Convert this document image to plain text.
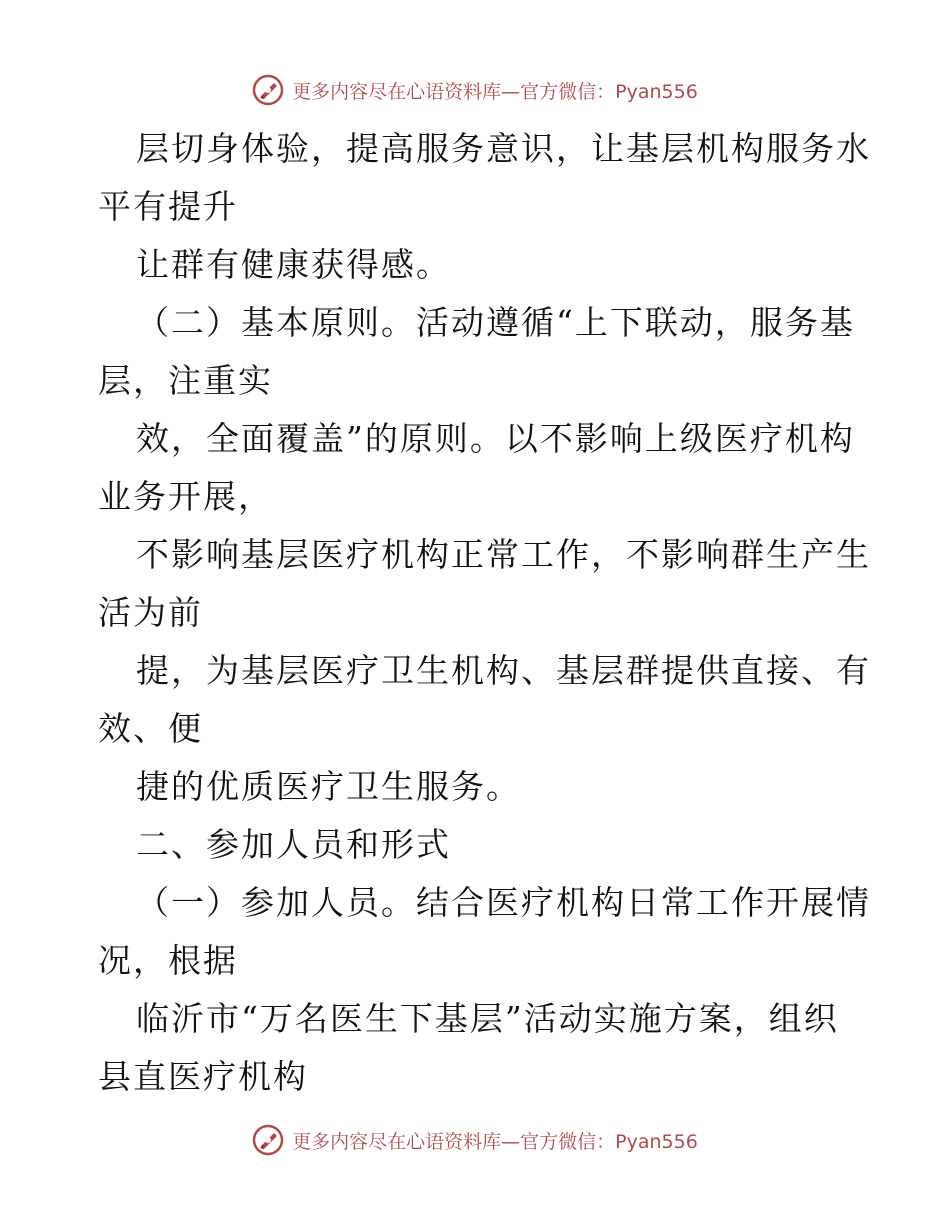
更多内容尽在心语资料库—官方微信：Pyan556
层切身体验，提高服务意识，让基层机构服务水
平有提升
让群有健康获得感。
（二）基本原则。活动遵循“上下联动，服务基
层，注重实
效，全面覆盖”的原则。以不影响上级医疗机构
业务开展，
不影响基层医疗机构正常工作，不影响群生产生
活为前
提，为基层医疗卫生机构、基层群提供直接、有
效、便
捷的优质医疗卫生服务。
二、参加人员和形式
（一）参加人员。结合医疗机构日常工作开展情
况，根据
临沂市“万名医生下基层”活动实施方案，组织
县直医疗机构
更多内容尽在心语资料库—官方微信：Pyan556
